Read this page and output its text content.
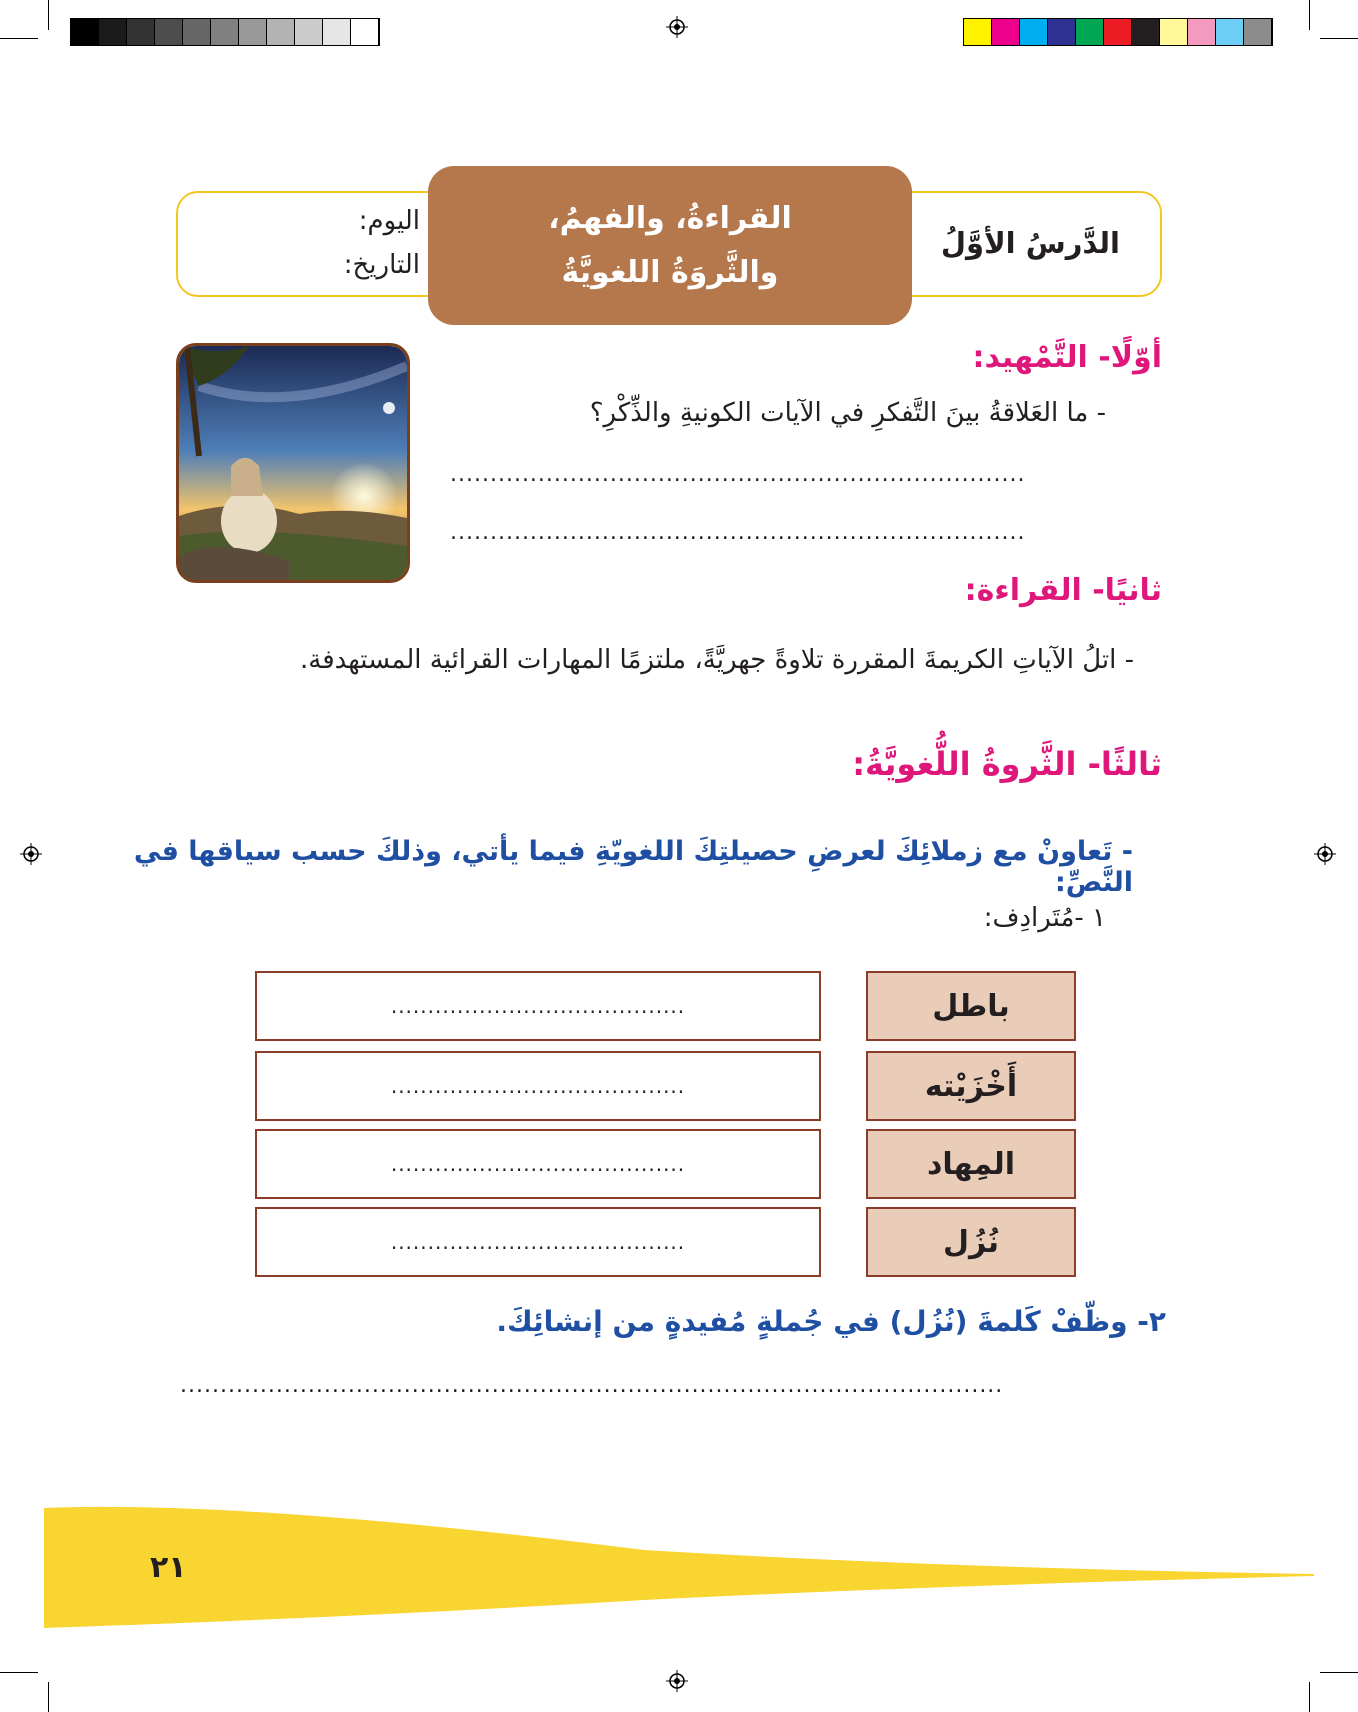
الدَّرسُ الأوَّلُ
اليوم:
التاريخ:
القراءةُ، والفهمُ،
والثَّروَةُ اللغويَّةُ
أوّلًا- التَّمْهيد:
- ما العَلاقةُ بينَ التَّفكرِ في الآيات الكونيةِ والذِّكْرِ؟
........................................................................
........................................................................
ثانيًا- القراءة:
- اتلُ الآياتِ الكريمةَ المقررة تلاوةً جهريَّةً، ملتزمًا المهارات القرائية المستهدفة.
ثالثًا- الثَّروةُ اللُّغويَّةُ:
- تَعاونْ مع زملائِكَ لعرضِ حصيلتِكَ اللغويّةِ فيما يأتي، وذلكَ حسب سياقها في النَّصِّ:
١ -مُتَرادِف:
باطل
أَخْزَيْته
المِهاد
نُزُل
........................................
........................................
........................................
........................................
٢- وظّفْ كَلمةَ (نُزُل) في جُملةٍ مُفيدةٍ من إنشائِكَ.
.......................................................................................................
٢١
